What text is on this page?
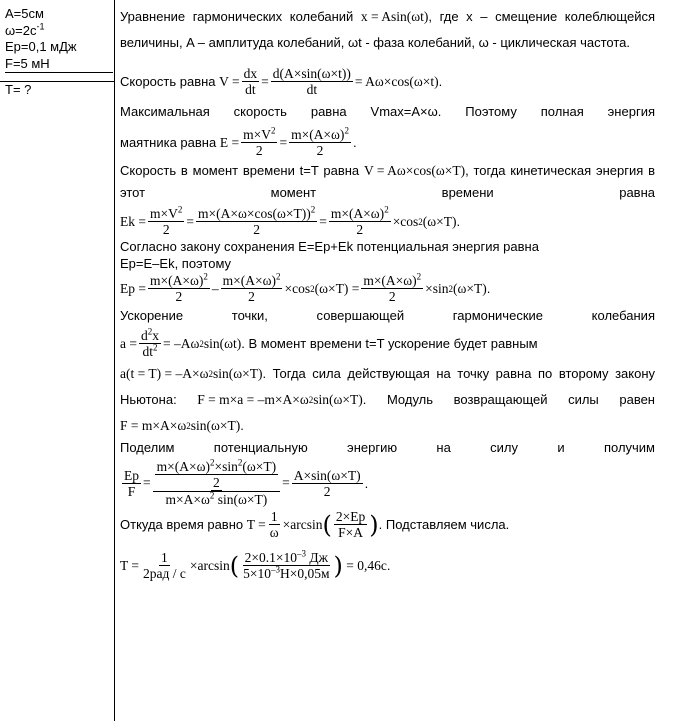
A=5см
$\omega=2с^{-1}$
Ep=0,1 мДж
F=5 мН
T= ?

Уравнение гармонических колебаний x = Asin(ωt), где x – смещение колеблющейся величины, A – амплитуда колебаний, ωt - фаза колебаний, ω - циклическая частота.

Скорость равна
$V = \frac{dx}{dt} = \frac{d(A\times\sin(\omega\times t))}{dt} = A\omega\times\cos(\omega\times t)$ .

Максимальная скорость равна Vmax=A×ω. Поэтому полная энергия

маятника равна
$E = \frac{m\times V^2}{2} = \frac{m\times(A\times\omega)^2}{2}$ .

Скорость в момент времени t=T равна V = Aω×cos(ω×T), тогда кинетическая энергия в этот момент времени равна

$Ek = \frac{m\times V^2}{2} = \frac{m\times(A\times\omega\times\cos(\omega\times T))^2}{2} = \frac{m\times(A\times\omega)^2}{2} \times\cos$ 2 (ω×T) .
Согласно закону сохранения E=Ep+Ek потенциальная энергия равна
Ep=E–Ek, поэтому
$Ep = \frac{m\times(A\times\omega)^2}{2} - \frac{m\times(A\times\omega)^2}{2} \times\cos$ 2 $(\omega\times T) = \frac{m\times(A\times\omega)^2}{2} \times\sin$ 2 (ω×T) .

Ускорение точки, совершающей гармонические колебания

$a = \frac{d^2x}{dt^2} = -A\omega$ 2 sin(ωt) . В момент времени t=T ускорение будет равным

a(t = T) = –A×ω 2 sin(ω×T). Тогда сила действующая на точку равна по второму закону Ньютона: F = m×a = –m×A×ω 2 sin(ω×T). Модуль возвращающей силы равен F = m×A×ω 2 sin(ω×T).

Поделим потенциальную энергию на силу и получим

$\frac{Ep}{F} = \frac{\frac{m\times(A\times\omega)^2\times\sin^2(\omega\times T)}{2}}{m\times A\times\omega^2 \sin(\omega\times T)} = \frac{A\times\sin(\omega\times T)}{2}$ .
Откуда время равно
$T = \frac{1}{\omega} \times\arcsin$ ( $\frac{2\times Ep}{F\times A}$ ) . Подставляем числа.
$T = \frac{1}{\text{2рад / с}} \times\arcsin$ ( $\frac{2\times 0.1\times 10^{-3} Дж}{5\times 10^{-3}Н\times 0,05м}$ )
= 0,46с .
